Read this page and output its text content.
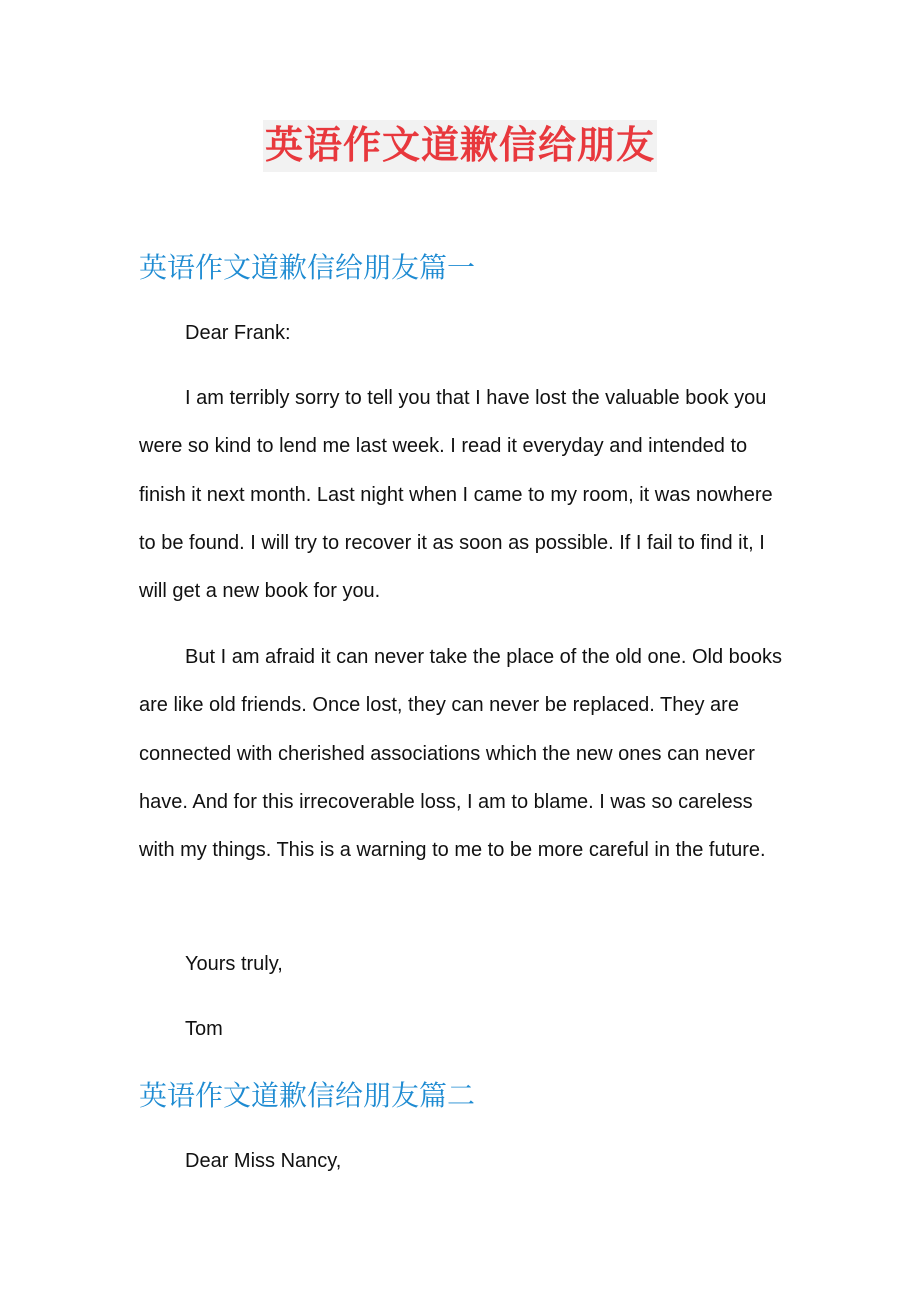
英语作文道歉信给朋友
英语作文道歉信给朋友篇一

Dear Frank:

I am terribly sorry to tell you that I have lost the valuable book you were so kind to lend me last week. I read it everyday and intended to finish it next month. Last night when I came to my room, it was nowhere to be found. I will try to recover it as soon as possible. If I fail to find it, I will get a new book for you.

But I am afraid it can never take the place of the old one. Old books are like old friends. Once lost, they can never be replaced. They are connected with cherished associations which the new ones can never have. And for this irrecoverable loss, I am to blame. I was so careless with my things. This is a warning to me to be more careful in the future.

Yours truly,

Tom

英语作文道歉信给朋友篇二

Dear Miss Nancy,
